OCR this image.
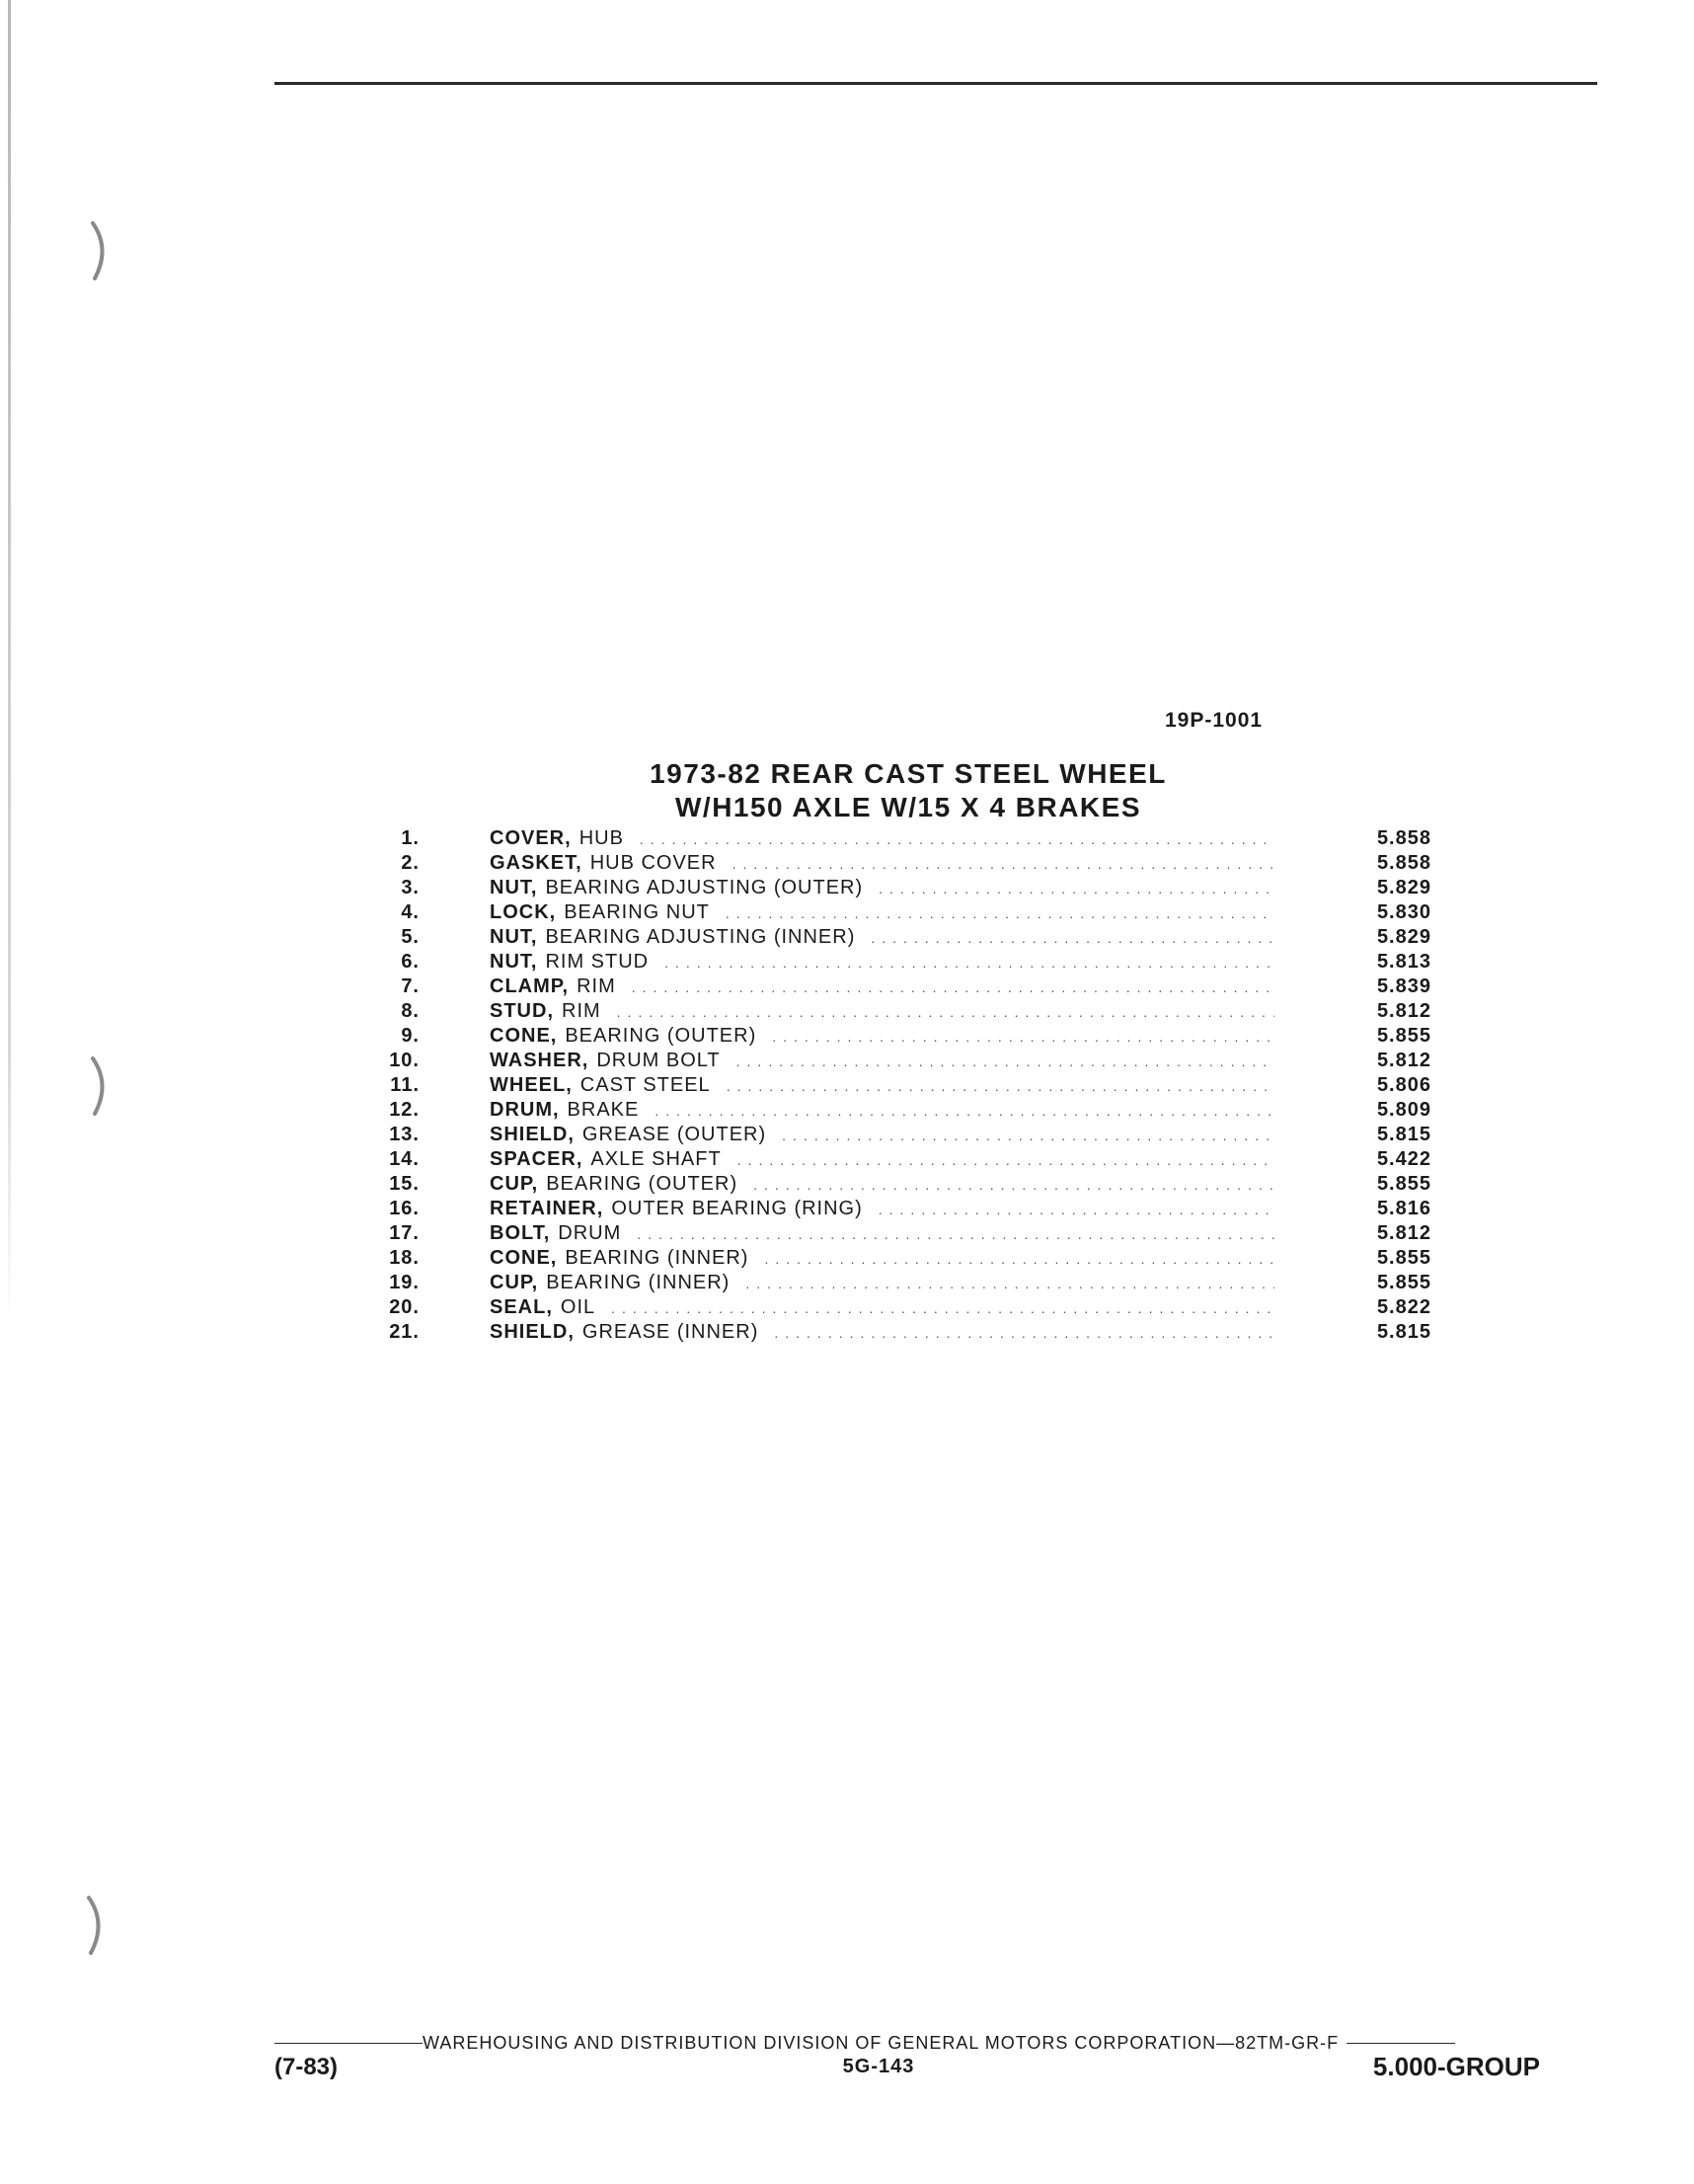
19P-1001
1973-82 REAR CAST STEEL WHEEL
W/H150 AXLE W/15 X 4 BRAKES
1.	COVER, HUB .....	5.858
2.	GASKET, HUB COVER .....	5.858
3.	NUT, BEARING ADJUSTING (OUTER) .....	5.829
4.	LOCK, BEARING NUT .....	5.830
5.	NUT, BEARING ADJUSTING (INNER) .....	5.829
6.	NUT, RIM STUD .....	5.813
7.	CLAMP, RIM .....	5.839
8.	STUD, RIM .....	5.812
9.	CONE, BEARING (OUTER) .....	5.855
10.	WASHER, DRUM BOLT .....	5.812
11.	WHEEL, CAST STEEL .....	5.806
12.	DRUM, BRAKE .....	5.809
13.	SHIELD, GREASE (OUTER) .....	5.815
14.	SPACER, AXLE SHAFT .....	5.422
15.	CUP, BEARING (OUTER) .....	5.855
16.	RETAINER, OUTER BEARING (RING) .....	5.816
17.	BOLT, DRUM .....	5.812
18.	CONE, BEARING (INNER) .....	5.855
19.	CUP, BEARING (INNER) .....	5.855
20.	SEAL, OIL .....	5.822
21.	SHIELD, GREASE (INNER) .....	5.815
WAREHOUSING AND DISTRIBUTION DIVISION OF GENERAL MOTORS CORPORATION—82TM-GR-F
(7-83)	5G-143	5.000-GROUP
